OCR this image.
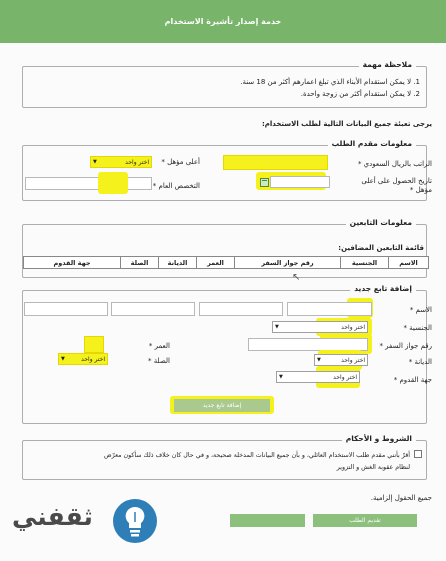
خدمة إصدار تأشيرة الاستخدام
ملاحظة مهمة
1. لا يمكن استقدام الأبناء الذي تبلغ اعمارهم أكثر من 18 سنة.
2. لا يمكن استقدام أكثر من زوجة واحدة.
يرجى تعبئة جميع البيانات التالية لطلب الاستخدام:
معلومات مقدم الطلب
الراتب بالريال السعودي *
أعلى مؤهل *
اختر واحد
▼
تاريخ الحصول على أعلى
مؤهل *
التخصص العام *
معلومات التابعين
قائمة التابعين المضافين:
الاسم	الجنسية	رقم جواز السفر	العمر	الديانة	الصلة	جهة القدوم
↖
إضافة تابع جديد
الاسم *
الجنسية *
اختر واحد
▼
رقم جواز السفر *
العمر *
الديانة *
اختر واحد
▼
الصلة *
اختر واحد
▼
جهة القدوم *
اختر واحد
▼
إضافة تابع جديد
الشروط و الأحكام
أقرّ بأنني مقدم طلب الاستخدام العائلي، و بأن جميع البيانات المدخلة صحيحة، و في حال كان خلاف ذلك سأكون معرّض
لنظام عقوبة الغش و التزوير
جميع الحقول إلزامية.
تقديم الطلب
ثقفني
